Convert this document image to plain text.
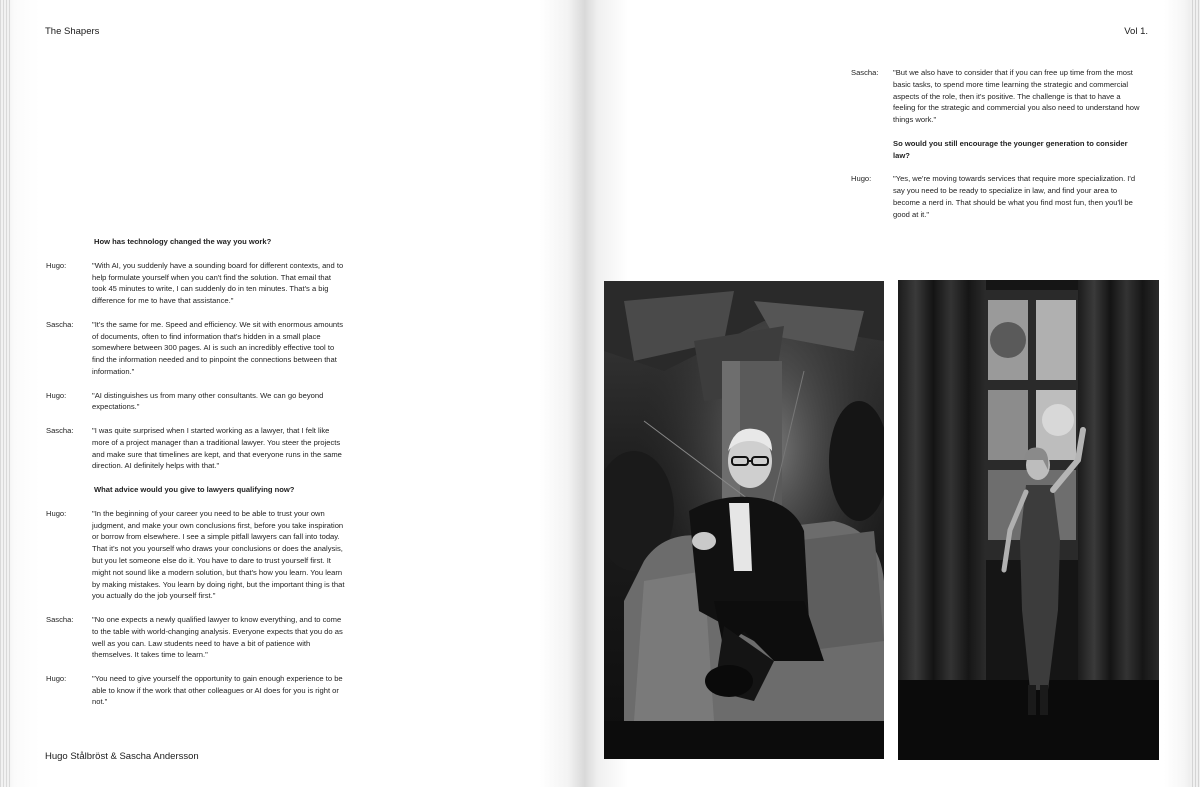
The Shapers
How has technology changed the way you work?
Hugo:	"With AI, you suddenly have a sounding board for different contexts, and to help formulate yourself when you can't find the solution. That email that took 45 minutes to write, I can suddenly do in ten minutes. That's a big difference for me to have that assistance."
Sascha:	"It's the same for me. Speed and efficiency. We sit with enormous amounts of documents, often to find information that's hidden in a small place somewhere between 300 pages. AI is such an incredibly effective tool to find the information needed and to pinpoint the connections between that information."
Hugo:	"AI distinguishes us from many other consultants. We can go beyond expectations."
Sascha:	"I was quite surprised when I started working as a lawyer, that I felt like more of a project manager than a traditional lawyer. You steer the projects and make sure that timelines are kept, and that everyone runs in the same direction. AI definitely helps with that."
What advice would you give to lawyers qualifying now?
Hugo:	"In the beginning of your career you need to be able to trust your own judgment, and make your own conclusions first, before you take inspiration or borrow from elsewhere. I see a simple pitfall lawyers can fall into today. That it's not you yourself who draws your conclusions or does the analysis, but you let someone else do it. You have to dare to trust yourself first. It might not sound like a modern solution, but that's how you learn. You learn by making mistakes. You learn by doing right, but the important thing is that you actually do the job yourself first."
Sascha:	"No one expects a newly qualified lawyer to know everything, and to come to the table with world-changing analysis. Everyone expects that you do as well as you can. Law students need to have a bit of patience with themselves. It takes time to learn."
Hugo:	"You need to give yourself the opportunity to gain enough experience to be able to know if the work that other colleagues or AI does for you is right or not."
Hugo Stålbröst & Sascha Andersson
Vol 1.
Sascha:	"But we also have to consider that if you can free up time from the most basic tasks, to spend more time learning the strategic and commercial aspects of the role, then it's positive. The challenge is that to have a feeling for the strategic and commercial you also need to understand how things work."
So would you still encourage the younger generation to consider law?
Hugo:	"Yes, we're moving towards services that require more specialization. I'd say you need to be ready to specialize in law, and find your area to become a nerd in. That should be what you find most fun, then you'll be good at it."
